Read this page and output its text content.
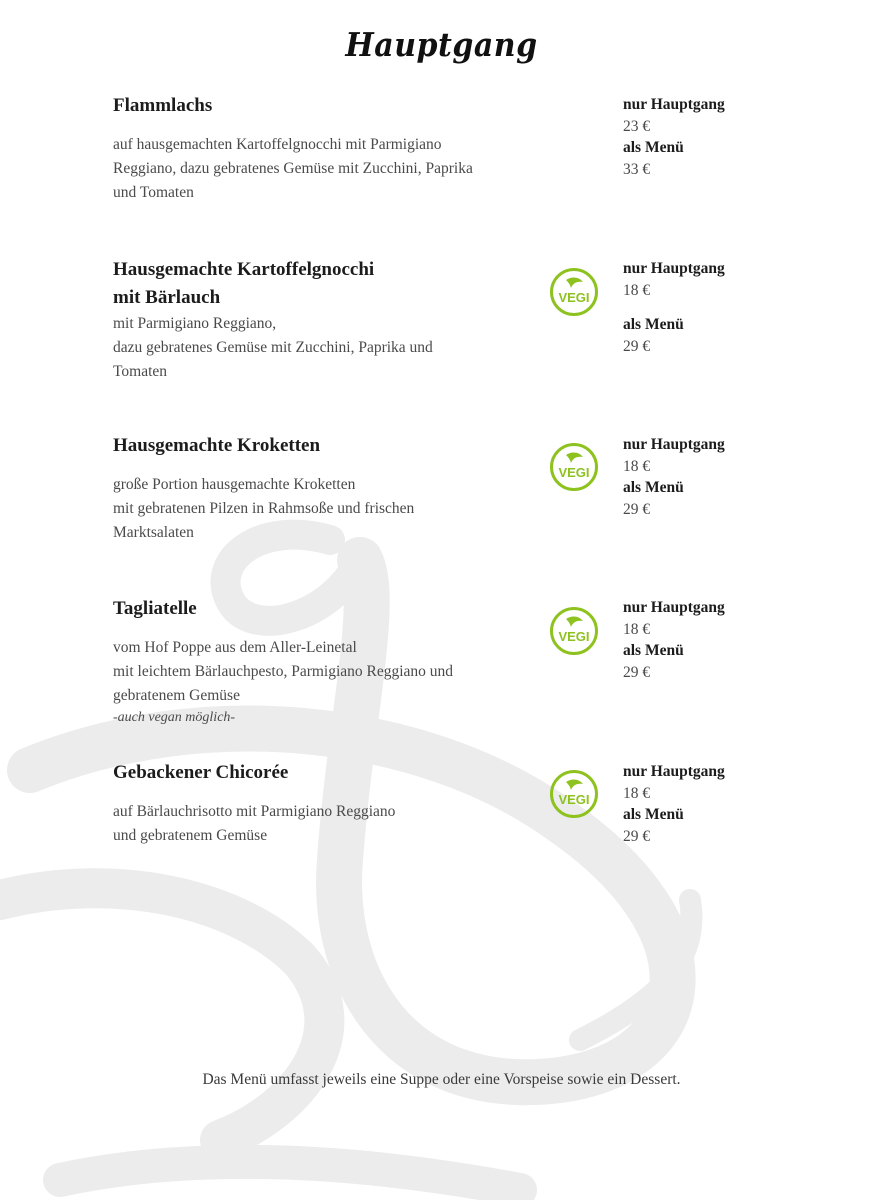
Hauptgang
Flammlachs
auf hausgemachten Kartoffelgnocchi mit Parmigiano
Reggiano, dazu gebratenes Gemüse mit Zucchini, Paprika
und Tomaten
nur Hauptgang
23 €
als Menü
33 €
Hausgemachte Kartoffelgnocchi
mit Bärlauch
mit Parmigiano Reggiano,
dazu gebratenes Gemüse mit Zucchini, Paprika und
Tomaten
VEGI
nur Hauptgang
18 €
als Menü
29 €
Hausgemachte Kroketten
große Portion hausgemachte Kroketten
mit gebratenen Pilzen in Rahmsoße und frischen
Marktsalaten
VEGI
nur Hauptgang
18 €
als Menü
29 €
Tagliatelle
vom Hof Poppe aus dem Aller-Leinetal
mit leichtem Bärlauchpesto, Parmigiano Reggiano und
gebratenem Gemüse
-auch vegan möglich-
VEGI
nur Hauptgang
18 €
als Menü
29 €
Gebackener Chicorée
auf Bärlauchrisotto mit Parmigiano Reggiano
und gebratenem Gemüse
VEGI
nur Hauptgang
18 €
als Menü
29 €
Das Menü umfasst jeweils eine Suppe oder eine Vorspeise sowie ein Dessert.
